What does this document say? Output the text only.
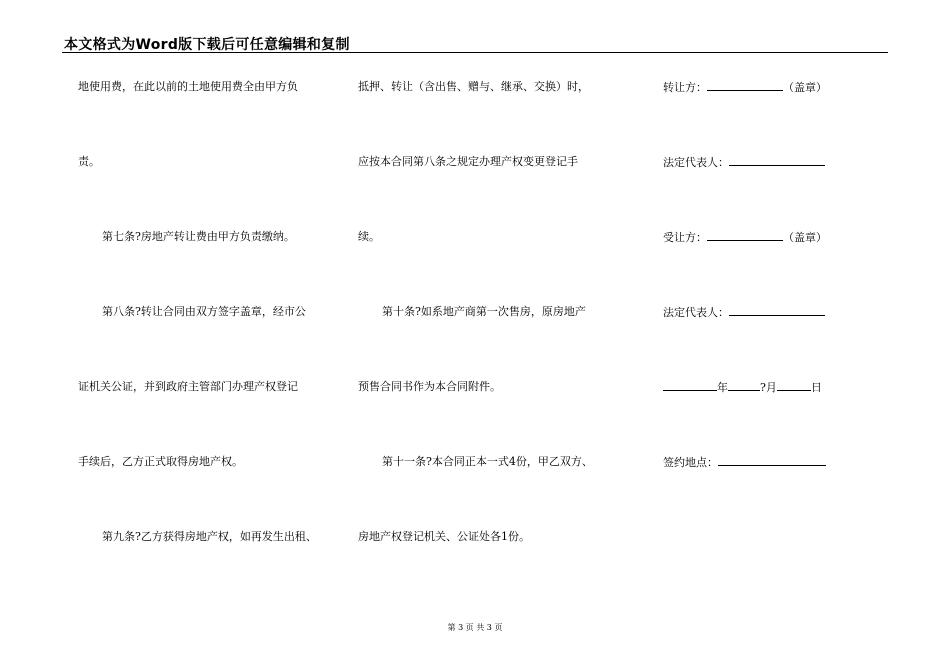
本文格式为Word版下载后可任意编辑和复制
地使用费，在此以前的土地使用费全由甲方负
责。
第七条?房地产转让费由甲方负责缴纳。
第八条?转让合同由双方签字盖章，经市公
证机关公证，并到政府主管部门办理产权登记
手续后，乙方正式取得房地产权。
第九条?乙方获得房地产权，如再发生出租、
抵押、转让（含出售、赠与、继承、交换）时，
应按本合同第八条之规定办理产权变更登记手
续。
第十条?如系地产商第一次售房，原房地产
预售合同书作为本合同附件。
第十一条?本合同正本一式4份，甲乙双方、
房地产权登记机关、公证处各1份。
转让方：	（盖章）
法定代表人：
受让方：	（盖章）
法定代表人：
年	?月	日
签约地点：
第 3 页 共 3 页
